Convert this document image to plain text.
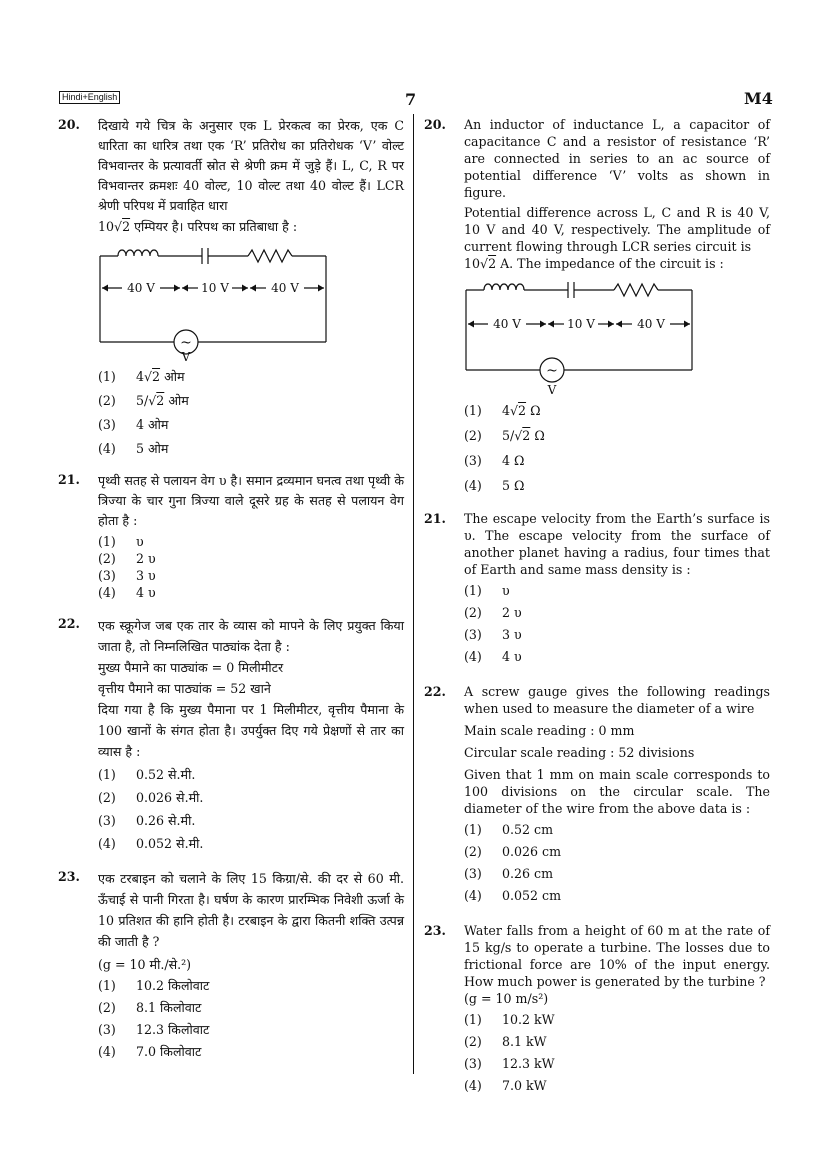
Hindi+English	7	M4
20. दिखाये गये चित्र के अनुसार एक L प्रेरकत्व का प्रेरक, एक C धारिता का धारित्र तथा एक ‘R’ प्रतिरोध का प्रतिरोधक ‘V’ वोल्ट विभवान्तर के प्रत्यावर्ती स्रोत से श्रेणी क्रम में जुड़े हैं। L, C, R पर विभवान्तर क्रमशः 40 वोल्ट, 10 वोल्ट तथा 40 वोल्ट हैं। LCR श्रेणी परिपथ में प्रवाहित धारा
10√2 एम्पियर है। परिपथ का प्रतिबाधा है :
40 V	10 V	40 V
~
V
(1)	4√2 ओम
(2)	5/√2 ओम
(3)	4 ओम
(4)	5 ओम
21. पृथ्वी सतह से पलायन वेग υ है। समान द्रव्यमान घनत्व तथा पृथ्वी के त्रिज्या के चार गुना त्रिज्या वाले दूसरे ग्रह के सतह से पलायन वेग होता है :
(1)	υ
(2)	2 υ
(3)	3 υ
(4)	4 υ
22. एक स्क्रूगेज जब एक तार के व्यास को मापने के लिए प्रयुक्त किया जाता है, तो निम्नलिखित पाठ्यांक देता है :
मुख्य पैमाने का पाठ्यांक = 0 मिलीमीटर
वृत्तीय पैमाने का पाठ्यांक = 52 खाने
दिया गया है कि मुख्य पैमाना पर 1 मिलीमीटर, वृत्तीय पैमाना के 100 खानों के संगत होता है। उपर्युक्त दिए गये प्रेक्षणों से तार का व्यास है :
(1)	0.52 से.मी.
(2)	0.026 से.मी.
(3)	0.26 से.मी.
(4)	0.052 से.मी.
23. एक टरबाइन को चलाने के लिए 15 किग्रा/से. की दर से 60 मी. ऊँचाई से पानी गिरता है। घर्षण के कारण प्रारम्भिक निवेशी ऊर्जा के 10 प्रतिशत की हानि होती है। टरबाइन के द्वारा कितनी शक्ति उत्पन्न की जाती है ?
(g = 10 मी./से.²)
(1)	10.2 किलोवाट
(2)	8.1 किलोवाट
(3)	12.3 किलोवाट
(4)	7.0 किलोवाट
20. An inductor of inductance L, a capacitor of capacitance C and a resistor of resistance ‘R’ are connected in series to an ac source of potential difference ‘V’ volts as shown in figure.
Potential difference across L, C and R is 40 V, 10 V and 40 V, respectively. The amplitude of current flowing through LCR series circuit is
10√2 A. The impedance of the circuit is :
40 V	10 V	40 V
~
V
(1)	4√2 Ω
(2)	5/√2 Ω
(3)	4 Ω
(4)	5 Ω
21. The escape velocity from the Earth’s surface is υ. The escape velocity from the surface of another planet having a radius, four times that of Earth and same mass density is :
(1)	υ
(2)	2 υ
(3)	3 υ
(4)	4 υ
22. A screw gauge gives the following readings when used to measure the diameter of a wire
Main scale reading : 0 mm
Circular scale reading : 52 divisions
Given that 1 mm on main scale corresponds to 100 divisions on the circular scale. The diameter of the wire from the above data is :
(1)	0.52 cm
(2)	0.026 cm
(3)	0.26 cm
(4)	0.052 cm
23. Water falls from a height of 60 m at the rate of 15 kg/s to operate a turbine. The losses due to frictional force are 10% of the input energy. How much power is generated by the turbine ?
(g = 10 m/s²)
(1)	10.2 kW
(2)	8.1 kW
(3)	12.3 kW
(4)	7.0 kW
